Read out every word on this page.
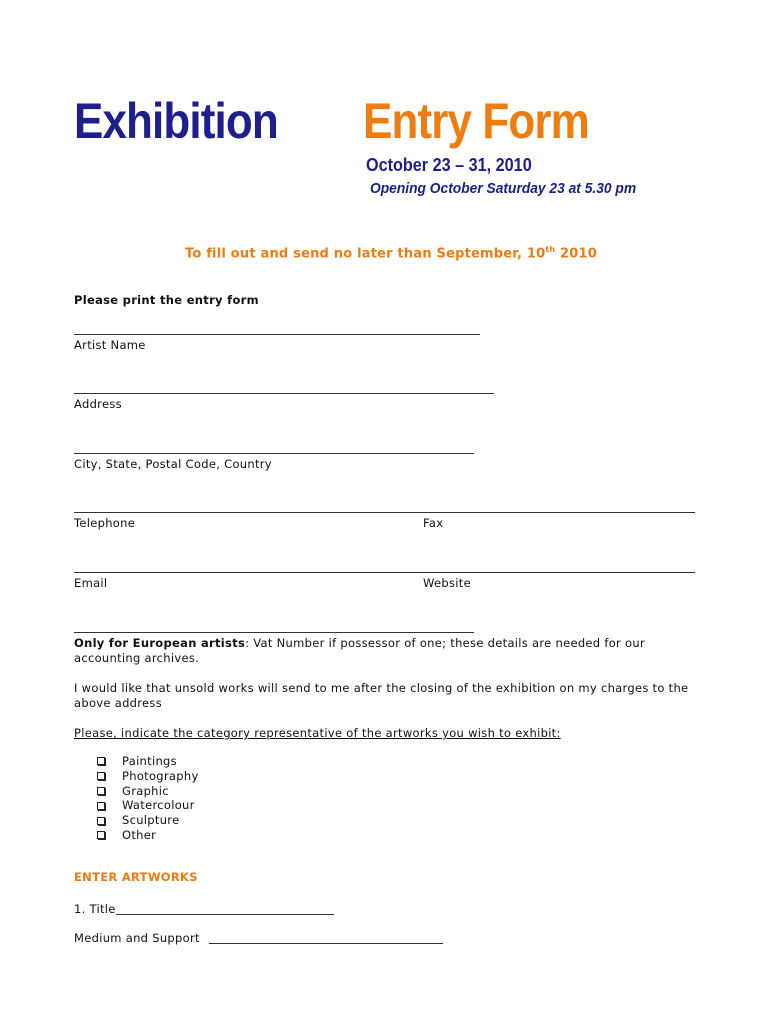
Exhibition Entry Form
October 23 – 31, 2010
Opening October Saturday 23 at 5.30 pm
To fill out and send no later than September, 10th 2010
Please print the entry form
Artist Name
Address
City, State, Postal Code, Country
Telephone	Fax
Email	Website
Only for European artists: Vat Number if possessor of one; these details are needed for our
accounting archives.
I would like that unsold works will send to me after the closing of the exhibition on my charges to the
above address
Please, indicate the category representative of the artworks you wish to exhibit:
Paintings
Photography
Graphic
Watercolour
Sculpture
Other
ENTER ARTWORKS
1. Title
Medium and Support
